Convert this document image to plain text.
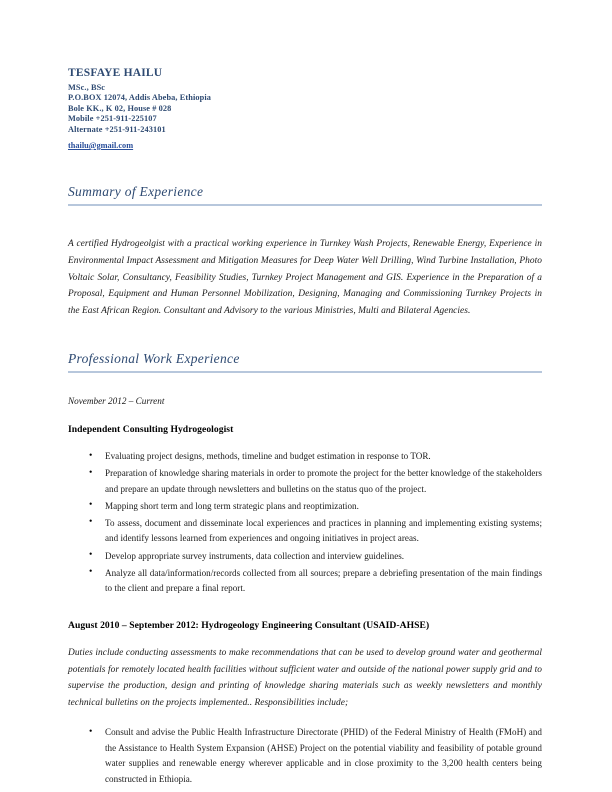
TESFAYE HAILU
MSc., BSc
P.O.BOX 12074, Addis Abeba, Ethiopia
Bole KK., K 02, House # 028
Mobile +251-911-225107
Alternate +251-911-243101
thailu@gmail.com
Summary of Experience

A certified Hydrogeolgist with a practical working experience in Turnkey Wash Projects, Renewable Energy, Experience in Environmental Impact Assessment and Mitigation Measures for Deep Water Well Drilling, Wind Turbine Installation, Photo Voltaic Solar, Consultancy, Feasibility Studies, Turnkey Project Management and GIS. Experience in the Preparation of a Proposal, Equipment and Human Personnel Mobilization, Designing, Managing and Commissioning Turnkey Projects in the East African Region. Consultant and Advisory to the various Ministries, Multi and Bilateral Agencies.

Professional Work Experience

November 2012 – Current

Independent Consulting Hydrogeologist

• Evaluating project designs, methods, timeline and budget estimation in response to TOR.
• Preparation of knowledge sharing materials in order to promote the project for the better knowledge of the stakeholders and prepare an update through newsletters and bulletins on the status quo of the project.
• Mapping short term and long term strategic plans and reoptimization.
• To assess, document and disseminate local experiences and practices in planning and implementing existing systems; and identify lessons learned from experiences and ongoing initiatives in project areas.
• Develop appropriate survey instruments, data collection and interview guidelines.
• Analyze all data/information/records collected from all sources; prepare a debriefing presentation of the main findings to the client and prepare a final report.

August 2010 – September 2012: Hydrogeology Engineering Consultant (USAID-AHSE)

Duties include conducting assessments to make recommendations that can be used to develop ground water and geothermal potentials for remotely located health facilities without sufficient water and outside of the national power supply grid and to supervise the production, design and printing of knowledge sharing materials such as weekly newsletters and monthly technical bulletins on the projects implemented.. Responsibilities include;

• Consult and advise the Public Health Infrastructure Directorate (PHID) of the Federal Ministry of Health (FMoH) and the Assistance to Health System Expansion (AHSE) Project on the potential viability and feasibility of potable ground water supplies and renewable energy wherever applicable and in close proximity to the 3,200 health centers being constructed in Ethiopia.
